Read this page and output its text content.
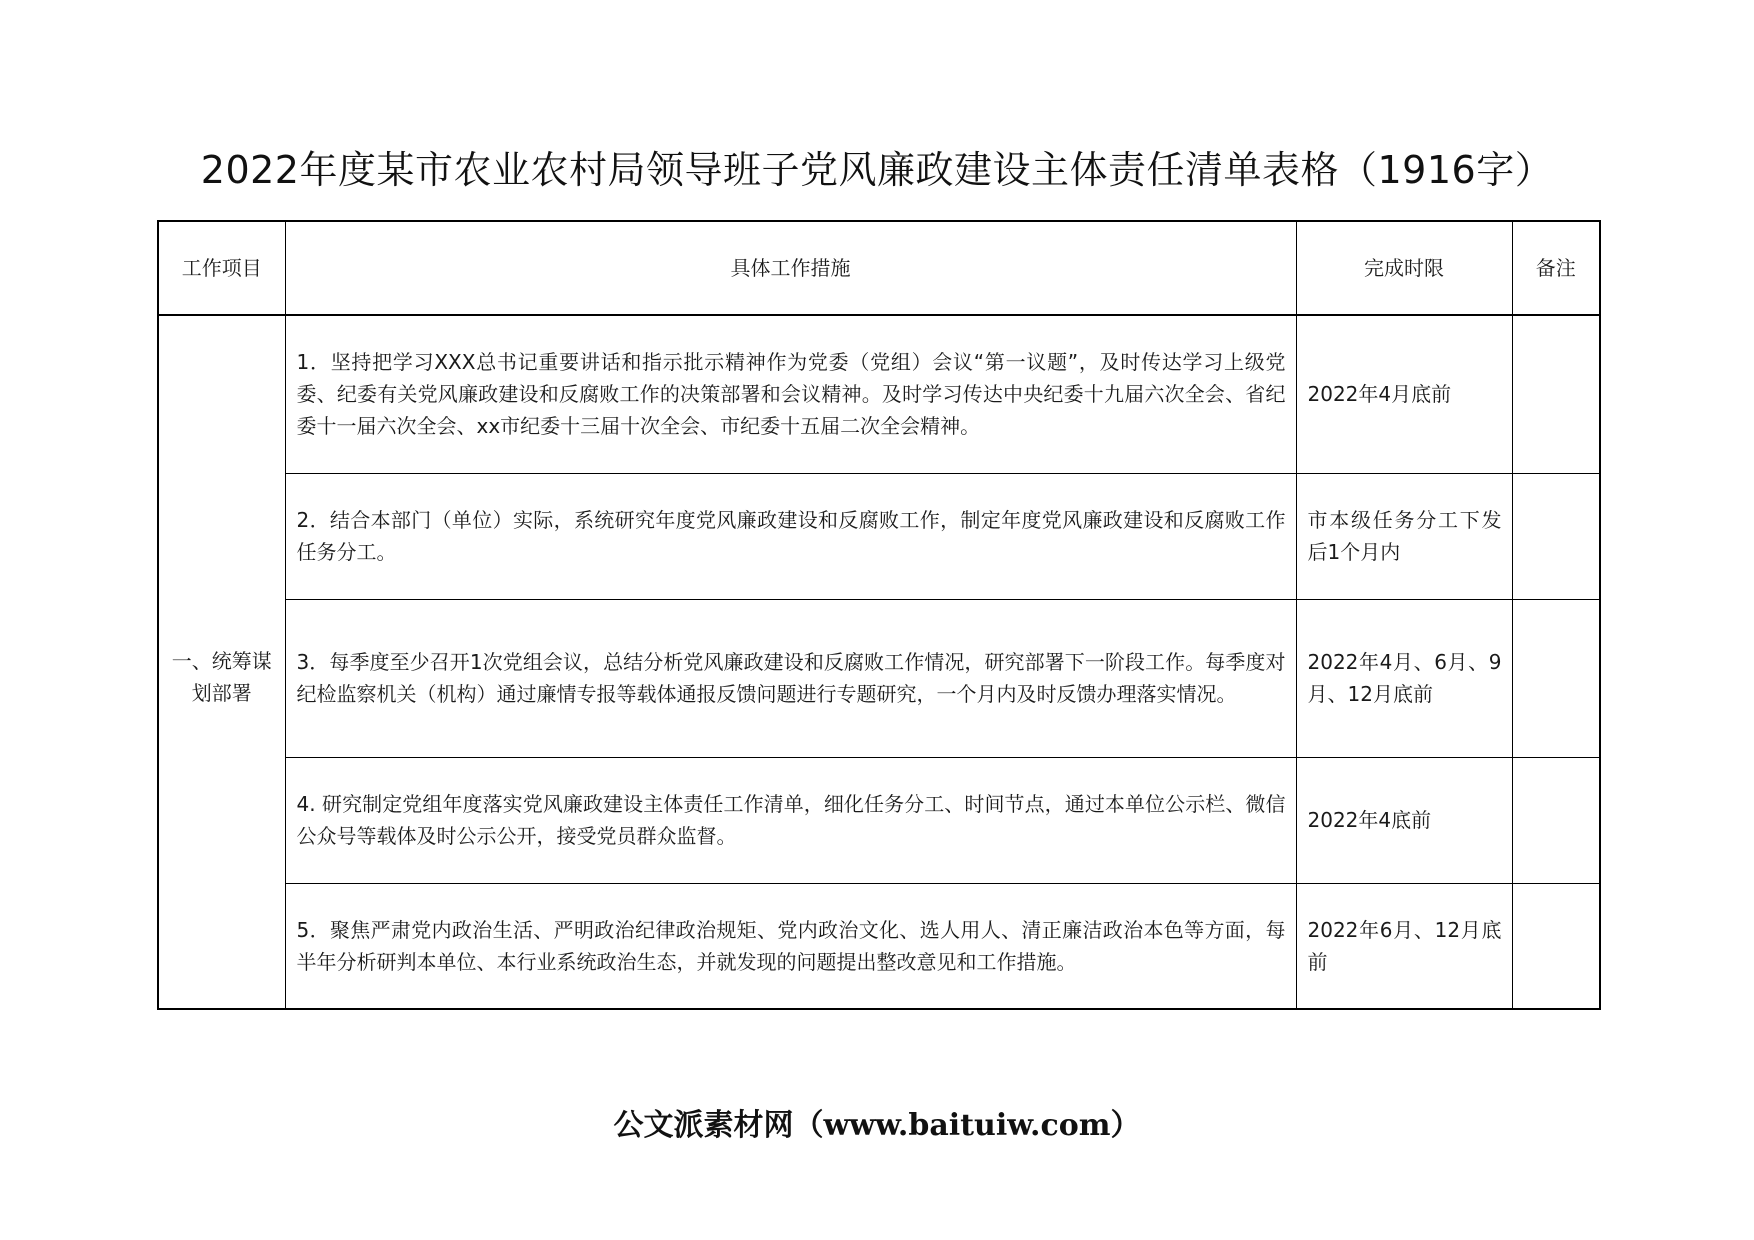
2022年度某市农业农村局领导班子党风廉政建设主体责任清单表格（1916字）
工作项目	具体工作措施	完成时限	备注
一、统筹谋划部署	1．坚持把学习XXX总书记重要讲话和指示批示精神作为党委（党组）会议“第一议题”，及时传达学习上级党委、纪委有关党风廉政建设和反腐败工作的决策部署和会议精神。及时学习传达中央纪委十九届六次全会、省纪委十一届六次全会、xx市纪委十三届十次全会、市纪委十五届二次全会精神。	2022年4月底前	
	2．结合本部门（单位）实际，系统研究年度党风廉政建设和反腐败工作，制定年度党风廉政建设和反腐败工作任务分工。	市本级任务分工下发后1个月内	
	3．每季度至少召开1次党组会议，总结分析党风廉政建设和反腐败工作情况，研究部署下一阶段工作。每季度对纪检监察机关（机构）通过廉情专报等载体通报反馈问题进行专题研究，一个月内及时反馈办理落实情况。	2022年4月、6月、9月、12月底前	
	4. 研究制定党组年度落实党风廉政建设主体责任工作清单，细化任务分工、时间节点，通过本单位公示栏、微信公众号等载体及时公示公开，接受党员群众监督。	2022年4底前	
	5．聚焦严肃党内政治生活、严明政治纪律政治规矩、党内政治文化、选人用人、清正廉洁政治本色等方面，每半年分析研判本单位、本行业系统政治生态，并就发现的问题提出整改意见和工作措施。	2022年6月、12月底前	
公文派素材网（www.baituiw.com）
